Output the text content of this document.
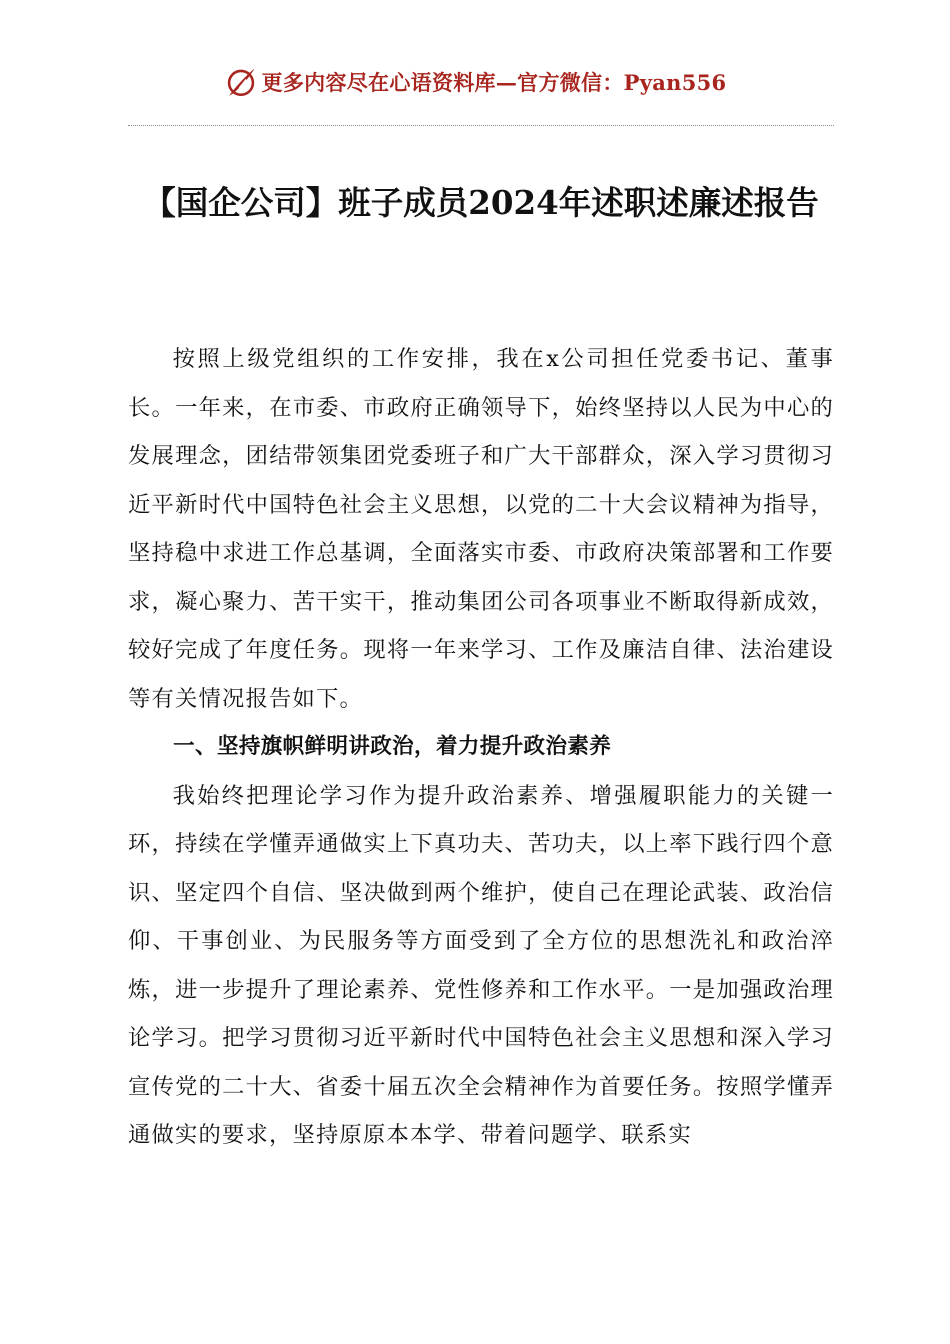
更多内容尽在心语资料库—官方微信：Pyan556
【国企公司】班子成员2024年述职述廉述报告

按照上级党组织的工作安排，我在x公司担任党委书记、董事长。一年来，在市委、市政府正确领导下，始终坚持以人民为中心的发展理念，团结带领集团党委班子和广大干部群众，深入学习贯彻习近平新时代中国特色社会主义思想，以党的二十大会议精神为指导，坚持稳中求进工作总基调，全面落实市委、市政府决策部署和工作要求，凝心聚力、苦干实干，推动集团公司各项事业不断取得新成效，较好完成了年度任务。现将一年来学习、工作及廉洁自律、法治建设等有关情况报告如下。

一、坚持旗帜鲜明讲政治，着力提升政治素养

我始终把理论学习作为提升政治素养、增强履职能力的关键一环，持续在学懂弄通做实上下真功夫、苦功夫，以上率下践行四个意识、坚定四个自信、坚决做到两个维护，使自己在理论武装、政治信仰、干事创业、为民服务等方面受到了全方位的思想洗礼和政治淬炼，进一步提升了理论素养、党性修养和工作水平。一是加强政治理论学习。把学习贯彻习近平新时代中国特色社会主义思想和深入学习宣传党的二十大、省委十届五次全会精神作为首要任务。按照学懂弄通做实的要求，坚持原原本本学、带着问题学、联系实
